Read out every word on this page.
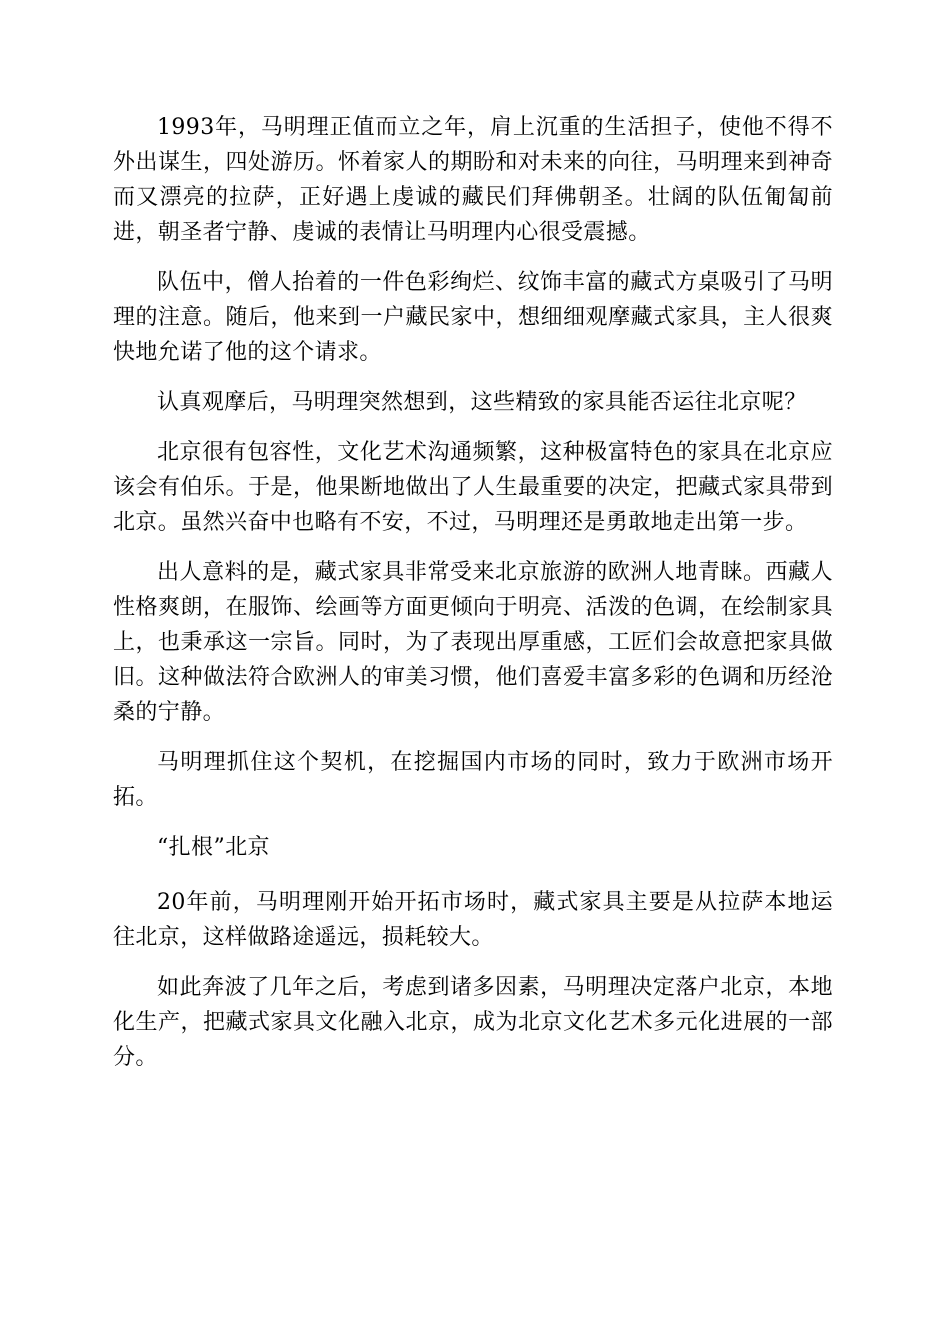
1993年，马明理正值而立之年，肩上沉重的生活担子，使他不得不外出谋生，四处游历。怀着家人的期盼和对未来的向往，马明理来到神奇而又漂亮的拉萨，正好遇上虔诚的藏民们拜佛朝圣。壮阔的队伍匍匐前进，朝圣者宁静、虔诚的表情让马明理内心很受震撼。

队伍中，僧人抬着的一件色彩绚烂、纹饰丰富的藏式方桌吸引了马明理的注意。随后，他来到一户藏民家中，想细细观摩藏式家具，主人很爽快地允诺了他的这个请求。

认真观摩后，马明理突然想到，这些精致的家具能否运往北京呢？

北京很有包容性，文化艺术沟通频繁，这种极富特色的家具在北京应该会有伯乐。于是，他果断地做出了人生最重要的决定，把藏式家具带到北京。虽然兴奋中也略有不安，不过，马明理还是勇敢地走出第一步。

出人意料的是，藏式家具非常受来北京旅游的欧洲人地青睐。西藏人性格爽朗，在服饰、绘画等方面更倾向于明亮、活泼的色调，在绘制家具上，也秉承这一宗旨。同时，为了表现出厚重感，工匠们会故意把家具做旧。这种做法符合欧洲人的审美习惯，他们喜爱丰富多彩的色调和历经沧桑的宁静。

马明理抓住这个契机，在挖掘国内市场的同时，致力于欧洲市场开拓。

“扎根”北京

20年前，马明理刚开始开拓市场时，藏式家具主要是从拉萨本地运往北京，这样做路途遥远，损耗较大。

如此奔波了几年之后，考虑到诸多因素，马明理决定落户北京，本地化生产，把藏式家具文化融入北京，成为北京文化艺术多元化进展的一部分。
